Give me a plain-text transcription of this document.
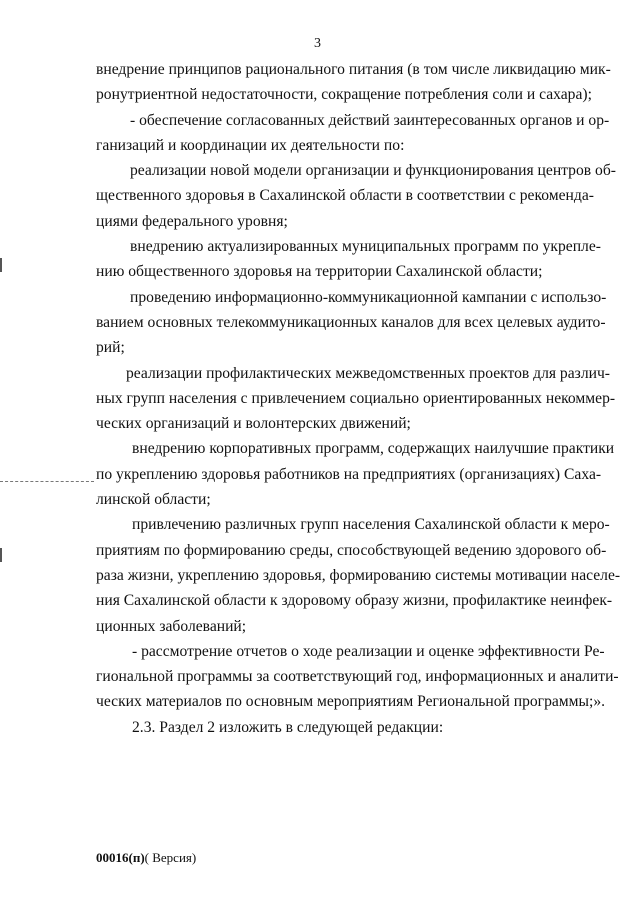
3
внедрение принципов рационального питания (в том числе ликвидацию мик-
ронутриентной недостаточности, сокращение потребления соли и сахара);
- обеспечение согласованных действий заинтересованных органов и ор-
ганизаций и координации их деятельности по:
реализации новой модели организации и функционирования центров об-
щественного здоровья в Сахалинской области в соответствии с рекоменда-
циями федерального уровня;
внедрению актуализированных муниципальных программ по укрепле-
нию общественного здоровья на территории Сахалинской области;
проведению информационно-коммуникационной кампании с использо-
ванием основных телекоммуникационных каналов для всех целевых аудито-
рий;
реализации профилактических межведомственных проектов для различ-
ных групп населения с привлечением социально ориентированных некоммер-
ческих организаций и волонтерских движений;
внедрению корпоративных программ, содержащих наилучшие практики
по укреплению здоровья работников на предприятиях (организациях) Саха-
линской области;
привлечению различных групп населения Сахалинской области к меро-
приятиям по формированию среды, способствующей ведению здорового об-
раза жизни, укреплению здоровья, формированию системы мотивации населе-
ния Сахалинской области к здоровому образу жизни, профилактике неинфек-
ционных заболеваний;
- рассмотрение отчетов о ходе реализации и оценке эффективности Ре-
гиональной программы за соответствующий год, информационных и аналити-
ческих материалов по основным мероприятиям Региональной программы;».
2.3. Раздел 2 изложить в следующей редакции:
00016(п)( Версия)
